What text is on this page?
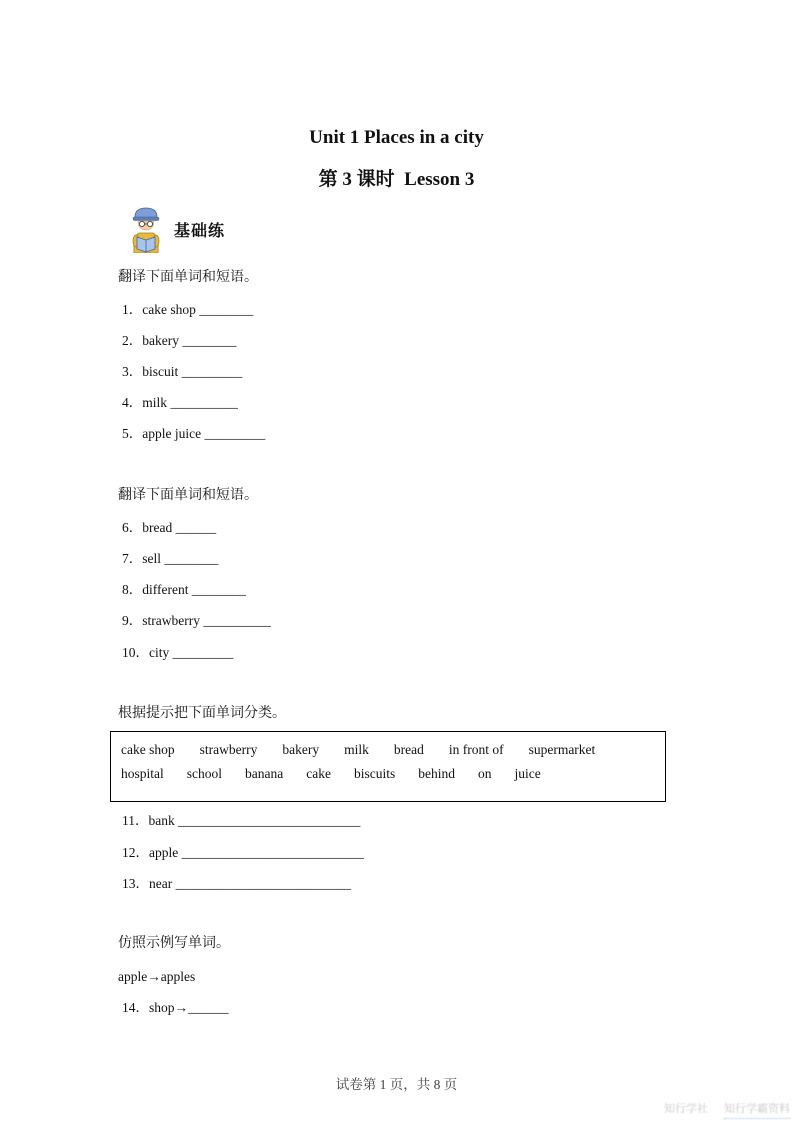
Unit 1 Places in a city
第 3 课时  Lesson 3
基础练
翻译下面单词和短语。
1．cake shop ________
2．bakery ________
3．biscuit _________
4．milk __________
5．apple juice _________
翻译下面单词和短语。
6．bread ______
7．sell ________
8．different ________
9．strawberry __________
10．city _________
根据提示把下面单词分类。
cake shop strawberry bakery milk bread in front of supermarket
hospital school banana cake biscuits behind on juice
11．bank ___________________________
12．apple ___________________________
13．near __________________________
仿照示例写单词。
apple→apples
14．shop→______
试卷第 1 页，共 8 页
知行学社 知行学霸资料
